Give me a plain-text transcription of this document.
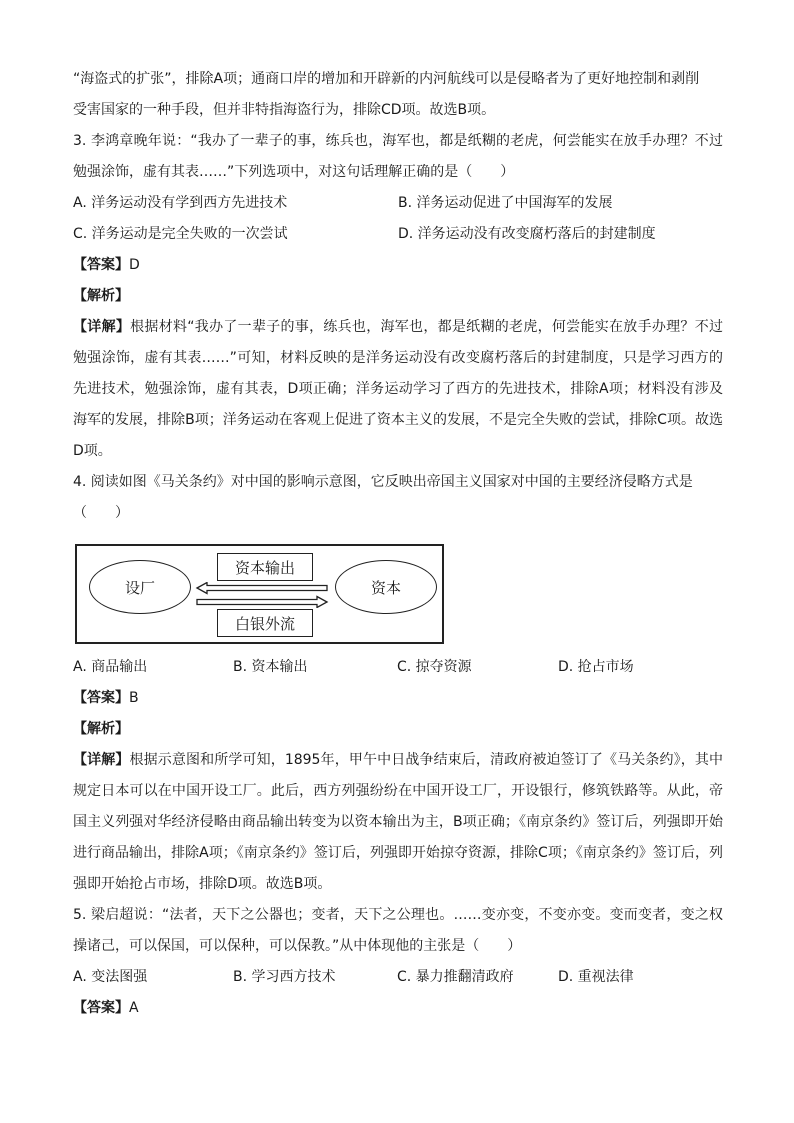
“海盗式的扩张”，排除A项；通商口岸的增加和开辟新的内河航线可以是侵略者为了更好地控制和剥削

受害国家的一种手段，但并非特指海盗行为，排除CD项。故选B项。

3. 李鸿章晚年说：“我办了一辈子的事，练兵也，海军也，都是纸糊的老虎，何尝能实在放手办理？不过勉强涂饰，虚有其表……”下列选项中，对这句话理解正确的是（　　）

A. 洋务运动没有学到西方先进技术	B. 洋务运动促进了中国海军的发展
C. 洋务运动是完全失败的一次尝试	D. 洋务运动没有改变腐朽落后的封建制度

【答案】D

【解析】

【详解】根据材料“我办了一辈子的事，练兵也，海军也，都是纸糊的老虎，何尝能实在放手办理？不过勉强涂饰，虚有其表……”可知，材料反映的是洋务运动没有改变腐朽落后的封建制度，只是学习西方的先进技术，勉强涂饰，虚有其表，D项正确；洋务运动学习了西方的先进技术，排除A项；材料没有涉及海军的发展，排除B项；洋务运动在客观上促进了资本主义的发展，不是完全失败的尝试，排除C项。故选D项。

4. 阅读如图《马关条约》对中国的影响示意图，它反映出帝国主义国家对中国的主要经济侵略方式是

（　　）

设厂	资本
资本输出
白银外流
A. 商品输出	B. 资本输出	C. 掠夺资源	D. 抢占市场

【答案】B

【解析】

【详解】根据示意图和所学可知，1895年，甲午中日战争结束后，清政府被迫签订了《马关条约》，其中规定日本可以在中国开设工厂。此后，西方列强纷纷在中国开设工厂，开设银行，修筑铁路等。从此，帝国主义列强对华经济侵略由商品输出转变为以资本输出为主，B项正确；《南京条约》签订后，列强即开始进行商品输出，排除A项；《南京条约》签订后，列强即开始掠夺资源，排除C项；《南京条约》签订后，列强即开始抢占市场，排除D项。故选B项。

5. 梁启超说：“法者，天下之公器也；变者，天下之公理也。……变亦变，不变亦变。变而变者，变之权操诸己，可以保国，可以保种，可以保教。”从中体现他的主张是（　　）

A. 变法图强	B. 学习西方技术	C. 暴力推翻清政府	D. 重视法律

【答案】A
